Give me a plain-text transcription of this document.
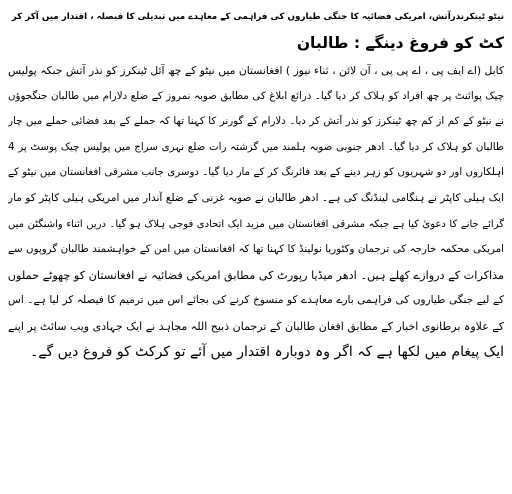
نیٹو ٹینکرنذرآتش، امریکی فضائیہ کا جنگی طیاروں کی فراہمی کے معاہدے میں تبدیلی کا فیصلہ ، اقتدار میں آکر کر
کٹ کو فروغ دینگے : طالبان
کابل (اے ایف پی ، اے پی پی ، آن لائن ، ثناء نیوز ) افغانستان میں نیٹو کے چھ آئل ٹینکرز کو نذر آتش جبکہ پولیس
چیک پوائنٹ پر چھ افراد کو ہلاک کر دیا گیا۔ ذرائع ابلاغ کی مطابق صوبہ نمروز کے ضلع دلارام میں طالبان جنگجوؤں
نے نیٹو کے کم از کم چھ ٹینکرز کو نذر آتش کر دیا۔ دلارام کے گورنر کا کہنا تھا کہ حملے کے بعد فضائی حملے میں چار
طالبان کو ہلاک کر دیا گیا۔ ادھر جنوبی صوبہ ہلمند میں گزشتہ رات ضلع نہری سراج میں پولیس چیک پوسٹ پر 4
اہلکاروں اور دو شہریوں کو زہر دینے کے بعد فائرنگ کر کے مار دیا گیا۔ دوسری جانب مشرقی افغانستان میں نیٹو کے
ایک ہیلی کاپٹر نے ہنگامی لینڈنگ کی ہے۔ ادھر طالبان نے صوبہ غزنی کے ضلع آندار میں امریکی ہیلی کاپٹر کو مار
گرائے جانے کا دعویٰ کیا ہے جبکہ مشرقی افغانستان میں مزید ایک اتحادی فوجی ہلاک ہو گیا۔ دریں اثناء واشنگٹن میں
امریکی محکمہ خارجہ کی ترجمان وکٹوریا نولینڈ کا کہنا تھا کہ افغانستان میں امن کے خواہشمند طالبان گروپوں سے
مذاکرات کے دروازے کھلے ہیں۔ ادھر میڈیا رپورٹ کی مطابق امریکی فضائیہ نے افغانستان کو چھوٹے حملوں
کے لیے جنگی طیاروں کی فراہمی بارے معاہدے کو منسوخ کرنے کی بجائے اس میں ترمیم کا فیصلہ کر لیا ہے۔ اس
کے علاوہ برطانوی اخبار کے مطابق افغان طالبان کے ترجمان ذبیح اللہ مجاہد نے ایک جہادی ویب سائٹ پر اپنے
ایک پیغام میں لکھا ہے کہ اگر وہ دوبارہ اقتدار میں آئے تو کرکٹ کو فروغ دیں گے۔
